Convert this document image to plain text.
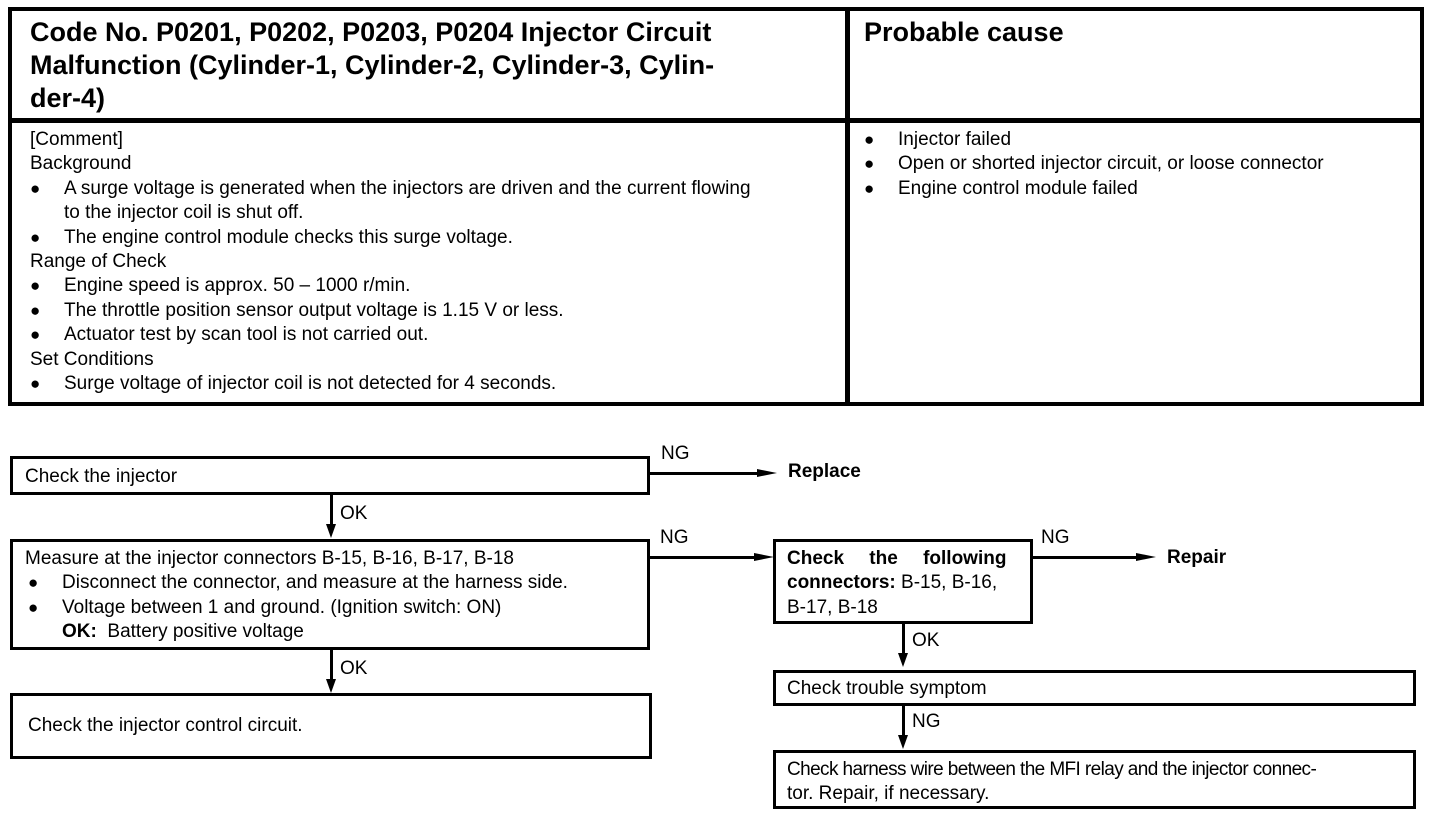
Code No. P0201, P0202, P0203, P0204 Injector Circuit
Malfunction (Cylinder-1, Cylinder-2, Cylinder-3, Cylin-
der-4)
Probable cause
[Comment]
Background
● A surge voltage is generated when the injectors are driven and the current flowing
to the injector coil is shut off.
● The engine control module checks this surge voltage.
Range of Check
● Engine speed is approx. 50 – 1000 r/min.
● The throttle position sensor output voltage is 1.15 V or less.
● Actuator test by scan tool is not carried out.
Set Conditions
● Surge voltage of injector coil is not detected for 4 seconds.
● Injector failed
● Open or shorted injector circuit, or loose connector
● Engine control module failed
Check the injector
NG
Replace
OK
Measure at the injector connectors B-15, B-16, B-17, B-18
● Disconnect the connector, and measure at the harness side.
● Voltage between 1 and ground. (Ignition switch: ON)
OK: Battery positive voltage
NG
OK
Check the injector control circuit.
Check the following
connectors: B-15, B-16,
B-17, B-18
NG
Repair
OK
Check trouble symptom
NG
Check harness wire between the MFI relay and the injector connec-
tor. Repair, if necessary.
